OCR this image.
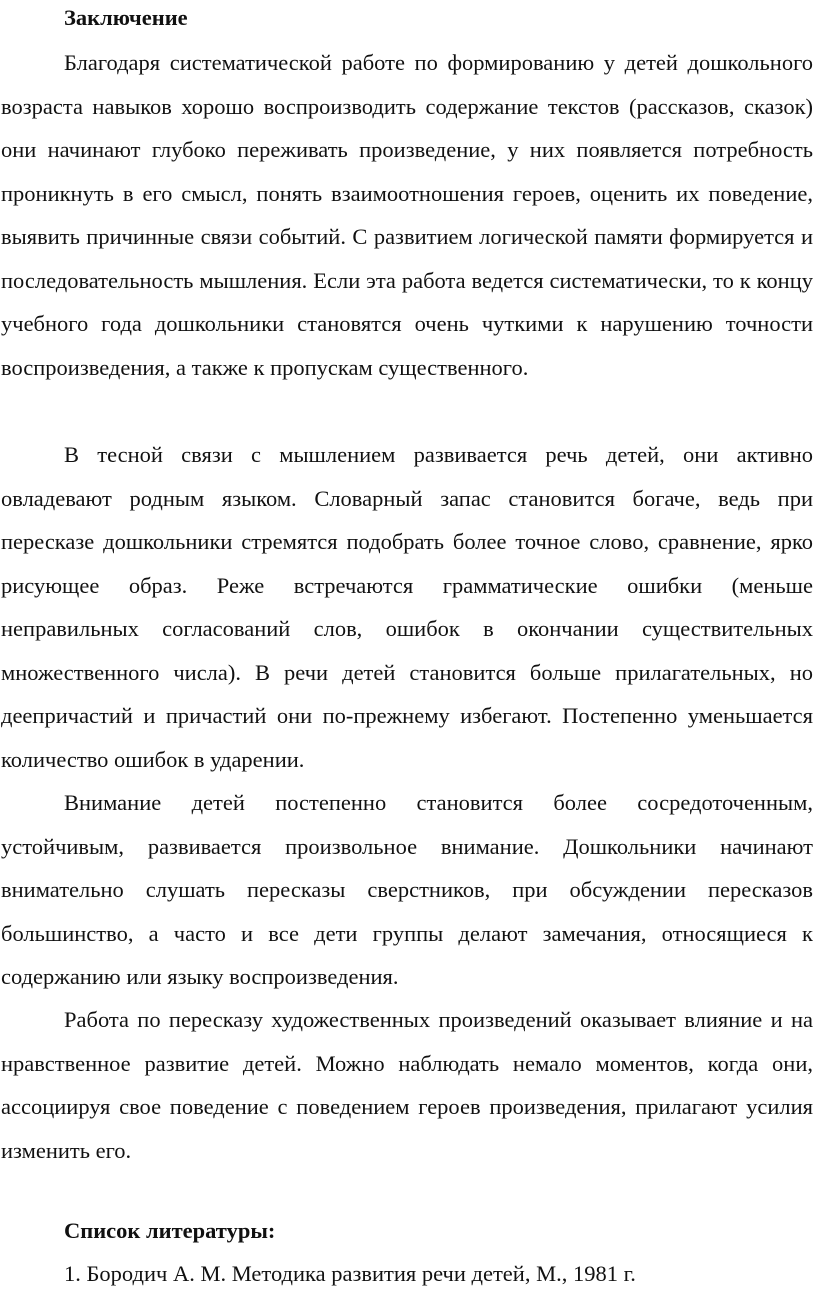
Заключение

Благодаря систематической работе по формированию у детей дошкольного возраста навыков хорошо воспроизводить содержание текстов (рассказов, сказок) они начинают глубоко переживать произведение, у них появляется потребность проникнуть в его смысл, понять взаимоотношения героев, оценить их поведение, выявить причинные связи событий. С развитием логической памяти формируется и последовательность мышления. Если эта работа ведется систематически, то к концу учебного года дошкольники становятся очень чуткими к нарушению точности воспроизведения, а также к пропускам существенного.

В тесной связи с мышлением развивается речь детей, они активно овладевают родным языком. Словарный запас становится богаче, ведь при пересказе дошкольники стремятся подобрать более точное слово, сравнение, ярко рисующее образ. Реже встречаются грамматические ошибки (меньше неправильных согласований слов, ошибок в окончании существительных множественного числа). В речи детей становится больше прилагательных, но деепричастий и причастий они по-прежнему избегают. Постепенно уменьшается количество ошибок в ударении.

Внимание детей постепенно становится более сосредоточенным, устойчивым, развивается произвольное внимание. Дошкольники начинают внимательно слушать пересказы сверстников, при обсуждении пересказов большинство, а часто и все дети группы делают замечания, относящиеся к содержанию или языку воспроизведения.

Работа по пересказу художественных произведений оказывает влияние и на нравственное развитие детей. Можно наблюдать немало моментов, когда они, ассоциируя свое поведение с поведением героев произведения, прилагают усилия изменить его.

Список литературы:
1. Бородич А. М. Методика развития речи детей, М., 1981 г.
